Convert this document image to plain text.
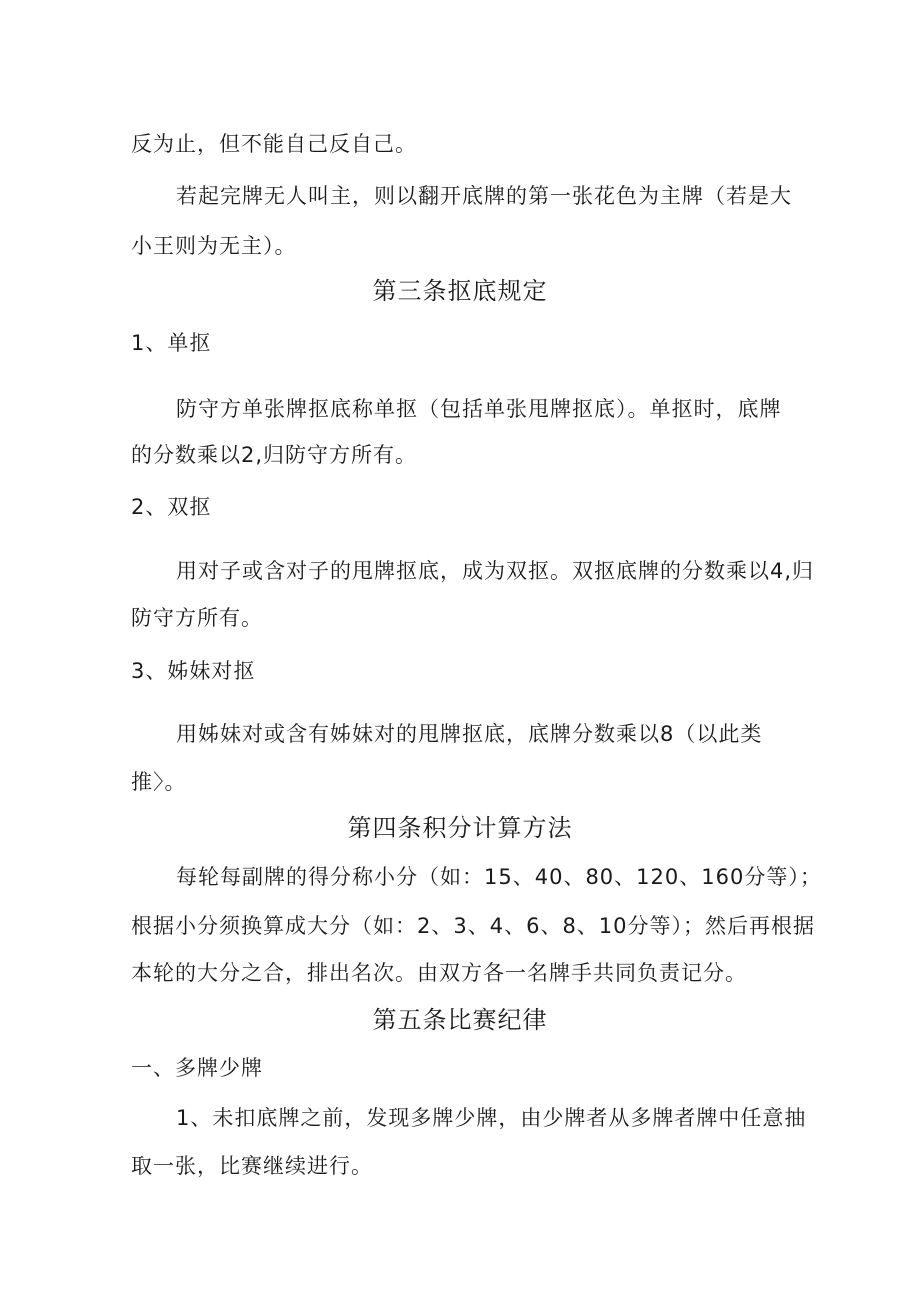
反为止，但不能自己反自己。
若起完牌无人叫主，则以翻开底牌的第一张花色为主牌（若是大
小王则为无主）。
第三条抠底规定
1、单抠
防守方单张牌抠底称单抠（包括单张甩牌抠底）。单抠时，底牌
的分数乘以2,归防守方所有。
2、双抠
用对子或含对子的甩牌抠底，成为双抠。双抠底牌的分数乘以4,归
防守方所有。
3、姊妹对抠
用姊妹对或含有姊妹对的甩牌抠底，底牌分数乘以8（以此类
推〉。
第四条积分计算方法
每轮每副牌的得分称小分（如：15、40、80、120、160分等）；
根据小分须换算成大分（如：2、3、4、6、8、10分等）；然后再根据
本轮的大分之合，排出名次。由双方各一名牌手共同负责记分。
第五条比赛纪律
一、多牌少牌
1、未扣底牌之前，发现多牌少牌，由少牌者从多牌者牌中任意抽
取一张，比赛继续进行。
